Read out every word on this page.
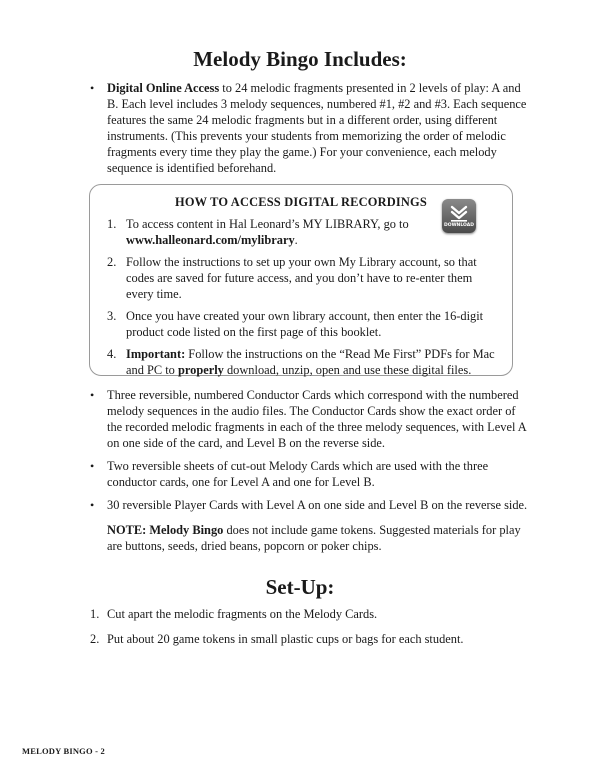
Melody Bingo Includes:
• Digital Online Access to 24 melodic fragments presented in 2 levels of play: A and

B. Each level includes 3 melody sequences, numbered #1, #2 and #3. Each sequence

features the same 24 melodic fragments but in a different order, using different

instruments. (This prevents your students from memorizing the order of melodic

fragments every time they play the game.) For your convenience, each melody

sequence is identified beforehand.

HOW TO ACCESS DIGITAL RECORDINGS
DOWNLOAD
1. To access content in Hal Leonard’s MY LIBRARY, go to

www.halleonard.com/mylibrary.

2. Follow the instructions to set up your own My Library account, so that

codes are saved for future access, and you don’t have to re-enter them

every time.

3. Once you have created your own library account, then enter the 16-digit

product code listed on the first page of this booklet.

4. Important: Follow the instructions on the “Read Me First” PDFs for Mac

and PC to properly download, unzip, open and use these digital files.

• Three reversible, numbered Conductor Cards which correspond with the numbered

melody sequences in the audio files. The Conductor Cards show the exact order of

the recorded melodic fragments in each of the three melody sequences, with Level A

on one side of the card, and Level B on the reverse side.

• Two reversible sheets of cut-out Melody Cards which are used with the three

conductor cards, one for Level A and one for Level B.

• 30 reversible Player Cards with Level A on one side and Level B on the reverse side.

NOTE: Melody Bingo does not include game tokens. Suggested materials for play

are buttons, seeds, dried beans, popcorn or poker chips.

Set-Up:
1. Cut apart the melodic fragments on the Melody Cards.

2. Put about 20 game tokens in small plastic cups or bags for each student.

MELODY BINGO - 2
